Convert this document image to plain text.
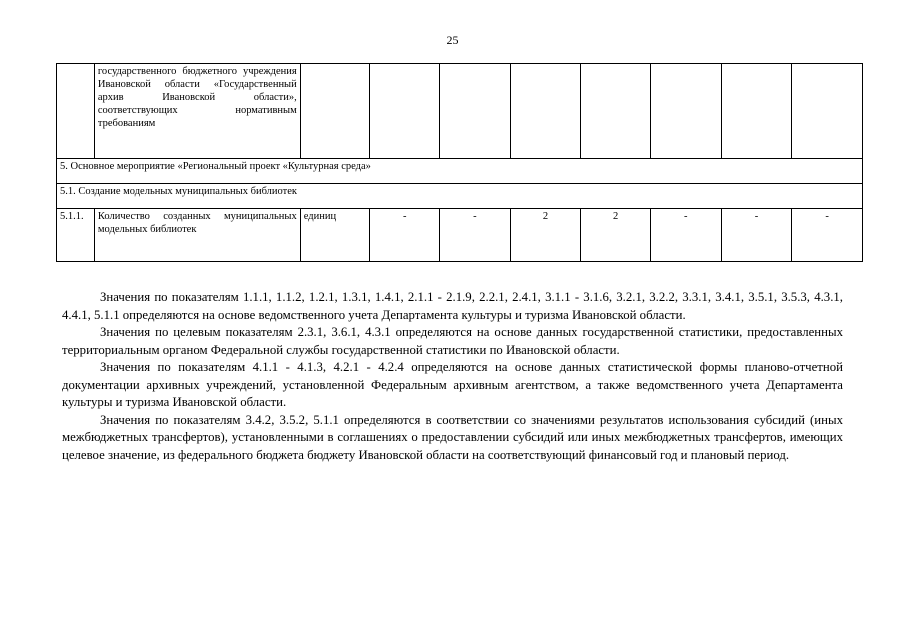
25
	государственного бюджетного учреждения Ивановской области «Государственный архив Ивановской области», соответствующих нормативным требованиям								
5. Основное мероприятие «Региональный проект «Культурная среда»									
5.1. Создание модельных муниципальных библиотек									
5.1.1.	Количество созданных муниципальных модельных библиотек	единиц	-	-	2	2	-	-	-

Значения по показателям 1.1.1, 1.1.2, 1.2.1, 1.3.1, 1.4.1, 2.1.1 - 2.1.9, 2.2.1, 2.4.1, 3.1.1 - 3.1.6, 3.2.1, 3.2.2, 3.3.1, 3.4.1, 3.5.1, 3.5.3, 4.3.1, 4.4.1, 5.1.1 определяются на основе ведомственного учета Департамента культуры и туризма Ивановской области.

Значения по целевым показателям 2.3.1, 3.6.1, 4.3.1 определяются на основе данных государственной статистики, предоставленных территориальным органом Федеральной службы государственной статистики по Ивановской области.

Значения по показателям 4.1.1 - 4.1.3, 4.2.1 - 4.2.4 определяются на основе данных статистической формы планово-отчетной документации архивных учреждений, установленной Федеральным архивным агентством, а также ведомственного учета Департамента культуры и туризма Ивановской области.

Значения по показателям 3.4.2, 3.5.2, 5.1.1 определяются в соответствии со значениями результатов использования субсидий (иных межбюджетных трансфертов), установленными в соглашениях о предоставлении субсидий или иных межбюджетных трансфертов, имеющих целевое значение, из федерального бюджета бюджету Ивановской области на соответствующий финансовый год и плановый период.
